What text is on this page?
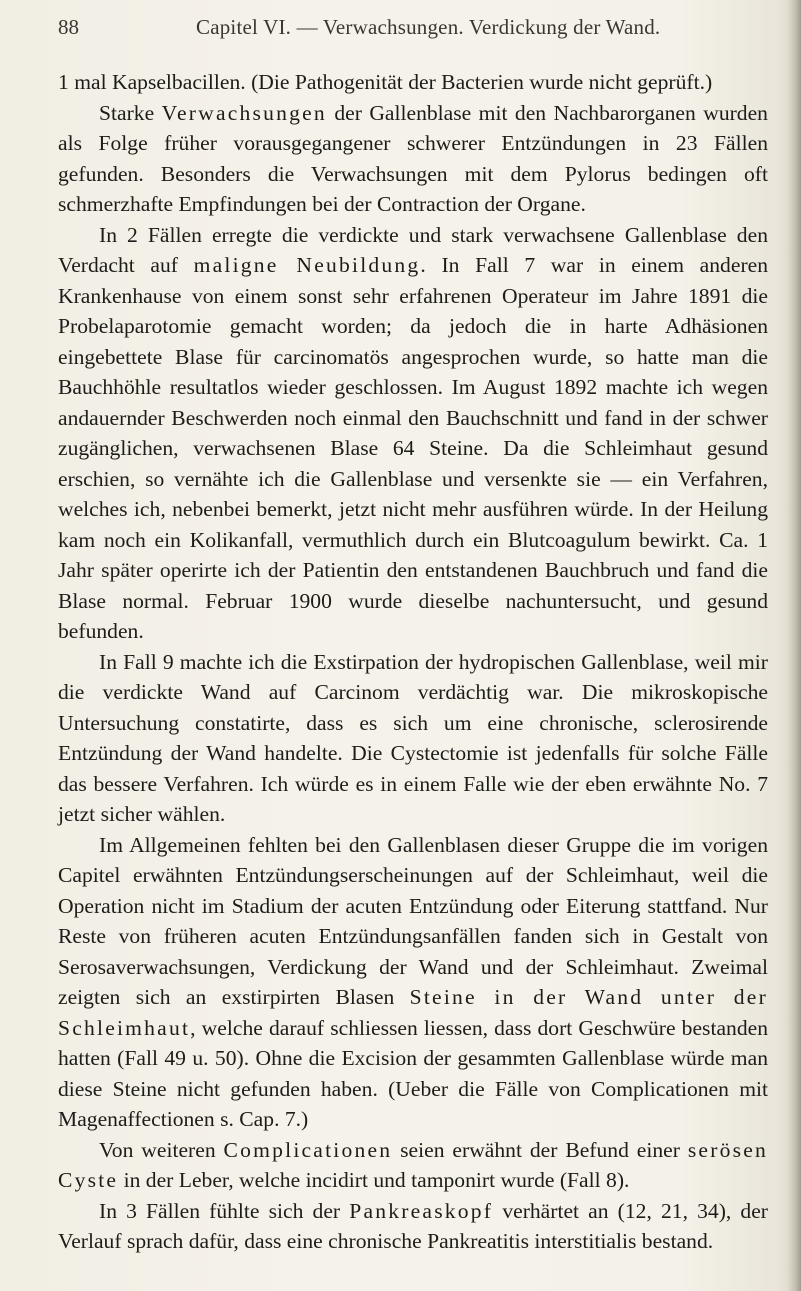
88	Capitel VI. — Verwachsungen. Verdickung der Wand.

1 mal Kapselbacillen. (Die Pathogenität der Bacterien wurde nicht geprüft.)

Starke Verwachsungen der Gallenblase mit den Nachbarorganen wurden als Folge früher vorausgegangener schwerer Entzündungen in 23 Fällen gefunden. Besonders die Verwachsungen mit dem Pylorus bedingen oft schmerzhafte Empfindungen bei der Contraction der Organe.

In 2 Fällen erregte die verdickte und stark verwachsene Gallenblase den Verdacht auf maligne Neubildung. In Fall 7 war in einem anderen Krankenhause von einem sonst sehr erfahrenen Operateur im Jahre 1891 die Probelaparotomie gemacht worden; da jedoch die in harte Adhäsionen eingebettete Blase für carcinomatös angesprochen wurde, so hatte man die Bauchhöhle resultatlos wieder geschlossen. Im August 1892 machte ich wegen andauernder Beschwerden noch einmal den Bauchschnitt und fand in der schwer zugänglichen, verwachsenen Blase 64 Steine. Da die Schleimhaut gesund erschien, so vernähte ich die Gallenblase und versenkte sie — ein Verfahren, welches ich, nebenbei bemerkt, jetzt nicht mehr ausführen würde. In der Heilung kam noch ein Kolikanfall, vermuthlich durch ein Blutcoagulum bewirkt. Ca. 1 Jahr später operirte ich der Patientin den entstandenen Bauchbruch und fand die Blase normal. Februar 1900 wurde dieselbe nachuntersucht, und gesund befunden.

In Fall 9 machte ich die Exstirpation der hydropischen Gallenblase, weil mir die verdickte Wand auf Carcinom verdächtig war. Die mikroskopische Untersuchung constatirte, dass es sich um eine chronische, sclerosirende Entzündung der Wand handelte. Die Cystectomie ist jedenfalls für solche Fälle das bessere Verfahren. Ich würde es in einem Falle wie der eben erwähnte No. 7 jetzt sicher wählen.

Im Allgemeinen fehlten bei den Gallenblasen dieser Gruppe die im vorigen Capitel erwähnten Entzündungserscheinungen auf der Schleimhaut, weil die Operation nicht im Stadium der acuten Entzündung oder Eiterung stattfand. Nur Reste von früheren acuten Entzündungsanfällen fanden sich in Gestalt von Serosaverwachsungen, Verdickung der Wand und der Schleimhaut. Zweimal zeigten sich an exstirpirten Blasen Steine in der Wand unter der Schleimhaut, welche darauf schliessen liessen, dass dort Geschwüre bestanden hatten (Fall 49 u. 50). Ohne die Excision der gesammten Gallenblase würde man diese Steine nicht gefunden haben. (Ueber die Fälle von Complicationen mit Magenaffectionen s. Cap. 7.)

Von weiteren Complicationen seien erwähnt der Befund einer serösen Cyste in der Leber, welche incidirt und tamponirt wurde (Fall 8).

In 3 Fällen fühlte sich der Pankreaskopf verhärtet an (12, 21, 34), der Verlauf sprach dafür, dass eine chronische Pankreatitis interstitialis bestand.
